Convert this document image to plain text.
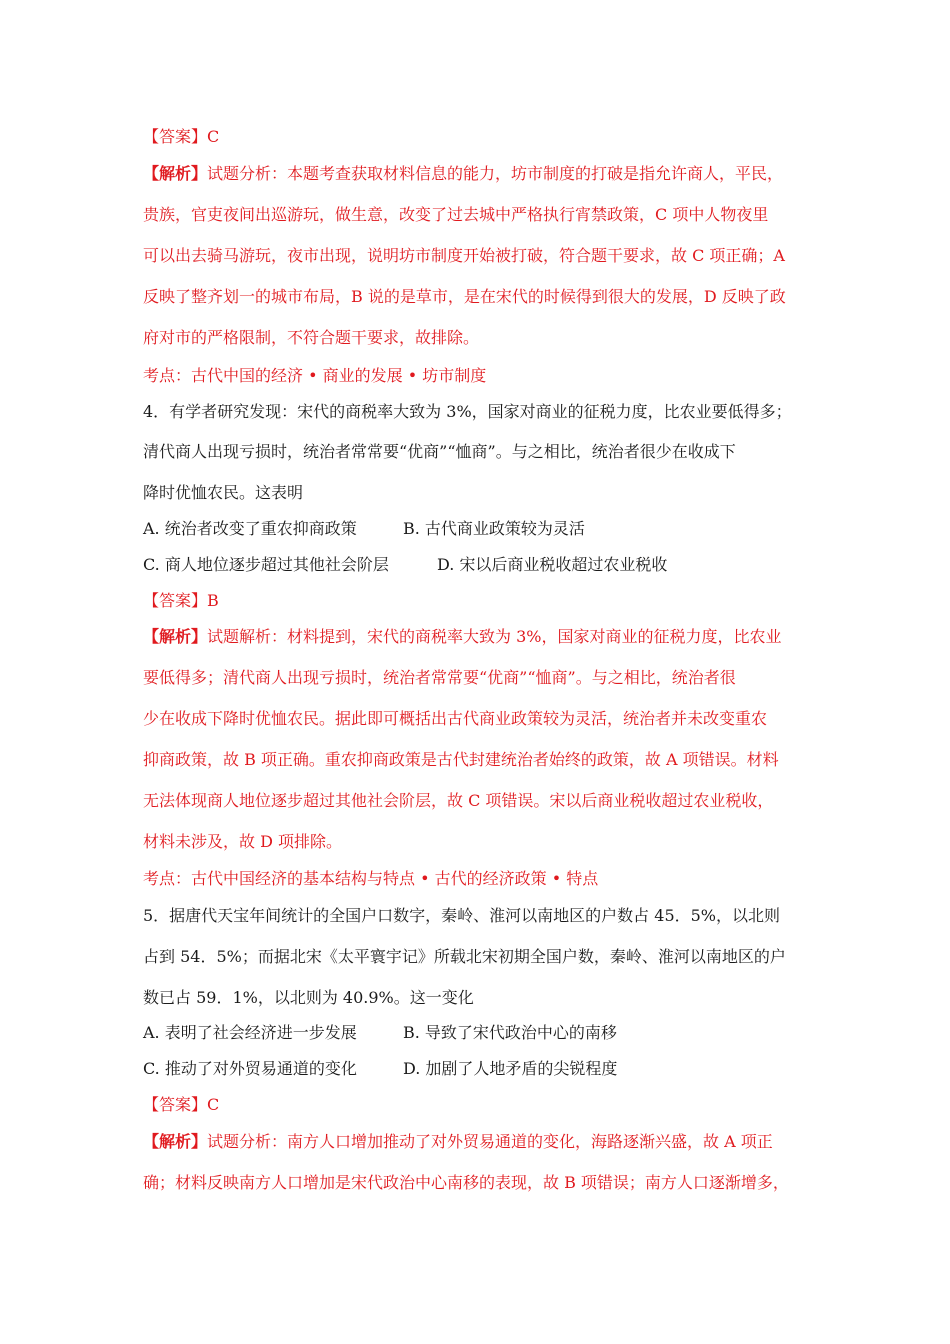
【答案】C
【解析】试题分析：本题考查获取材料信息的能力，坊市制度的打破是指允许商人，平民，
贵族，官吏夜间出巡游玩，做生意，改变了过去城中严格执行宵禁政策，C 项中人物夜里
可以出去骑马游玩，夜市出现，说明坊市制度开始被打破，符合题干要求，故 C 项正确；A
反映了整齐划一的城市布局，B 说的是草市，是在宋代的时候得到很大的发展，D 反映了政
府对市的严格限制，不符合题干要求，故排除。
考点：古代中国的经济 • 商业的发展 • 坊市制度
4．有学者研究发现：宋代的商税率大致为 3%，国家对商业的征税力度，比农业要低得多；
清代商人出现亏损时，统治者常常要“优商”“恤商”。与之相比，统治者很少在收成下
降时优恤农民。这表明
A. 统治者改变了重农抑商政策	B. 古代商业政策较为灵活
C. 商人地位逐步超过其他社会阶层	D. 宋以后商业税收超过农业税收
【答案】B
【解析】试题解析：材料提到，宋代的商税率大致为 3%，国家对商业的征税力度，比农业
要低得多；清代商人出现亏损时，统治者常常要“优商”“恤商”。与之相比，统治者很
少在收成下降时优恤农民。据此即可概括出古代商业政策较为灵活，统治者并未改变重农
抑商政策，故 B 项正确。重农抑商政策是古代封建统治者始终的政策，故 A 项错误。材料
无法体现商人地位逐步超过其他社会阶层，故 C 项错误。宋以后商业税收超过农业税收，
材料未涉及，故 D 项排除。
考点：古代中国经济的基本结构与特点 • 古代的经济政策 • 特点
5．据唐代天宝年间统计的全国户口数字，秦岭、淮河以南地区的户数占 45．5%，以北则
占到 54．5%；而据北宋《太平寰宇记》所载北宋初期全国户数，秦岭、淮河以南地区的户
数已占 59．1%，以北则为 40.9%。这一变化
A. 表明了社会经济进一步发展	B. 导致了宋代政治中心的南移
C. 推动了对外贸易通道的变化	D. 加剧了人地矛盾的尖锐程度
【答案】C
【解析】试题分析：南方人口增加推动了对外贸易通道的变化，海路逐渐兴盛，故 A 项正
确；材料反映南方人口增加是宋代政治中心南移的表现，故 B 项错误；南方人口逐渐增多，
